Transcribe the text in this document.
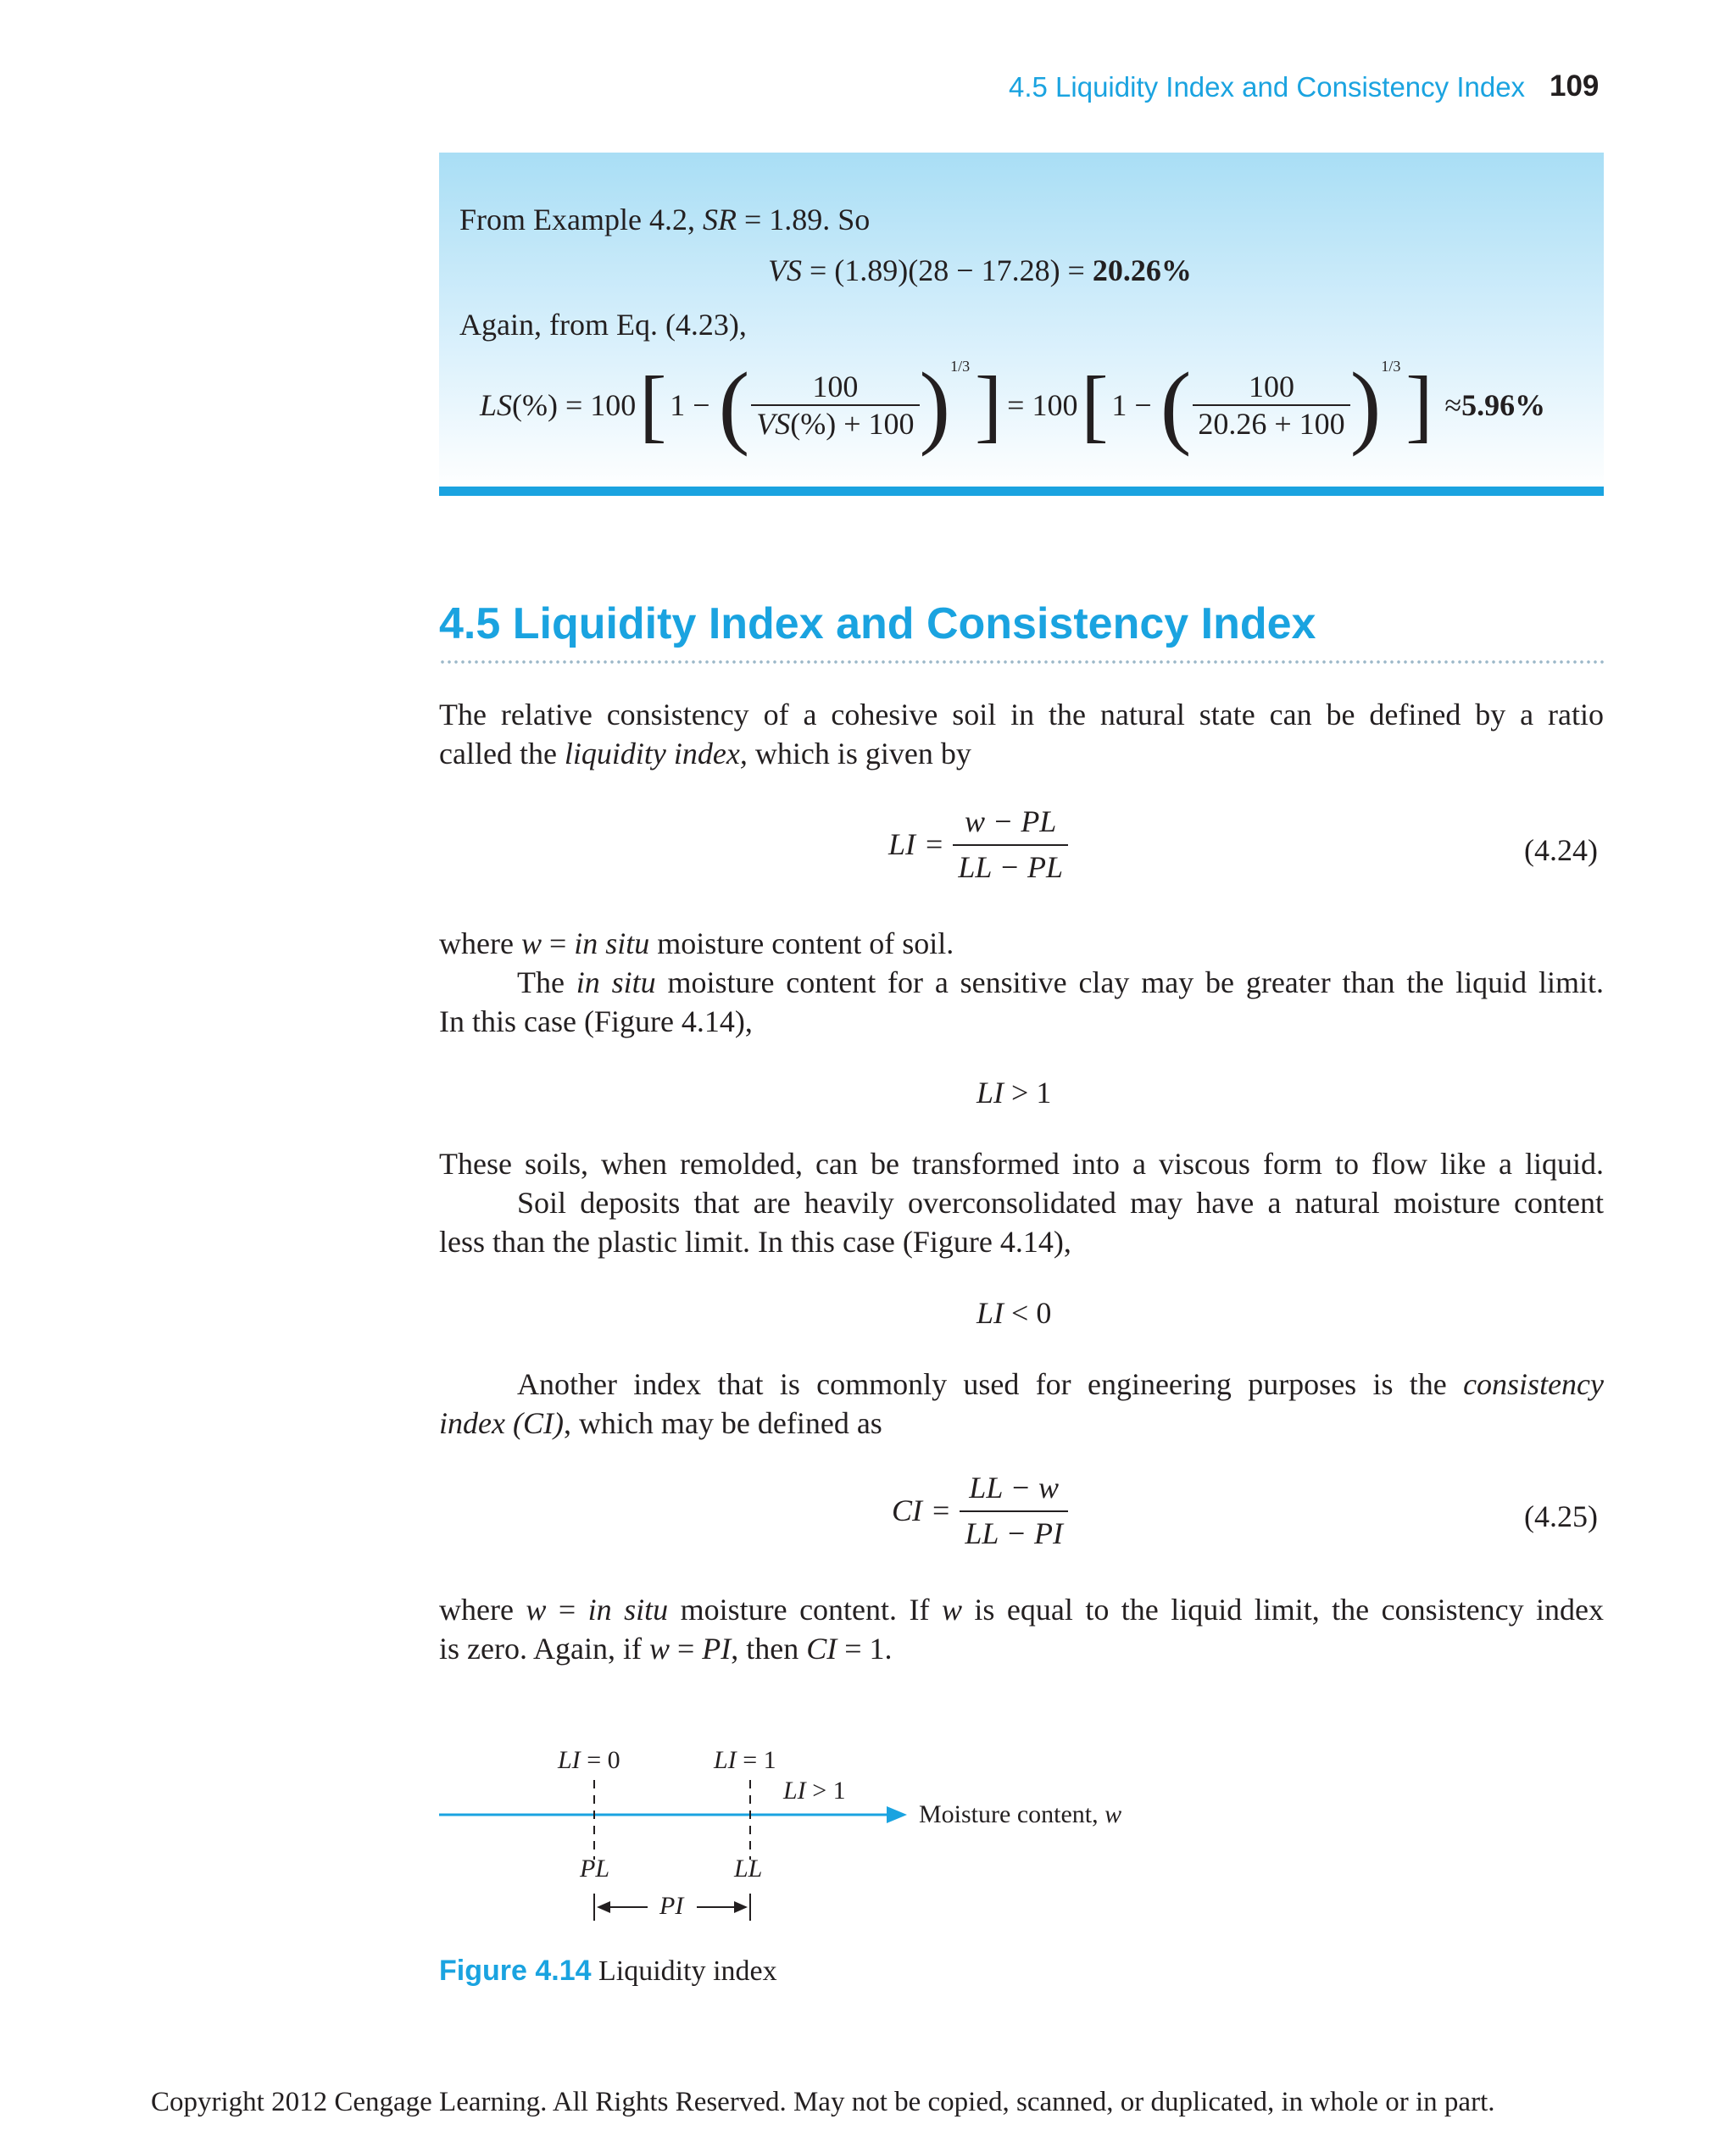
4.5 Liquidity Index and Consistency Index 109
From Example 4.2, SR = 1.89. So
VS = (1.89)(28 − 17.28) = 20.26%
Again, from Eq. (4.23),
LS (%) = 100 [ 1 − ( $\frac{100}{VS(\%) + 100}$ ) 1/3 ] = 100 [ 1 − ( $\frac{100}{20.26 + 100}$ ) 1/3 ] ≈ 5.96%
4.5 Liquidity Index and Consistency Index
The relative consistency of a cohesive soil in the natural state can be defined by a ratio
called the liquidity index, which is given by
LI = $\frac{w - PL}{LL - PL}$	(4.24)
where w = in situ moisture content of soil.
The in situ moisture content for a sensitive clay may be greater than the liquid limit.
In this case (Figure 4.14),
LI > 1
These soils, when remolded, can be transformed into a viscous form to flow like a liquid.
Soil deposits that are heavily overconsolidated may have a natural moisture content
less than the plastic limit. In this case (Figure 4.14),
LI < 0
Another index that is commonly used for engineering purposes is the consistency
index (CI), which may be defined as
CI = $\frac{LL - w}{LL - PI}$	(4.25)
where w = in situ moisture content. If w is equal to the liquid limit, the consistency index
is zero. Again, if w = PI, then CI = 1.
LI = 0	LI = 1
LI > 1
Moisture content, w
PL	LL
PI
Figure 4.14 Liquidity index
Copyright 2012 Cengage Learning. All Rights Reserved. May not be copied, scanned, or duplicated, in whole or in part.
